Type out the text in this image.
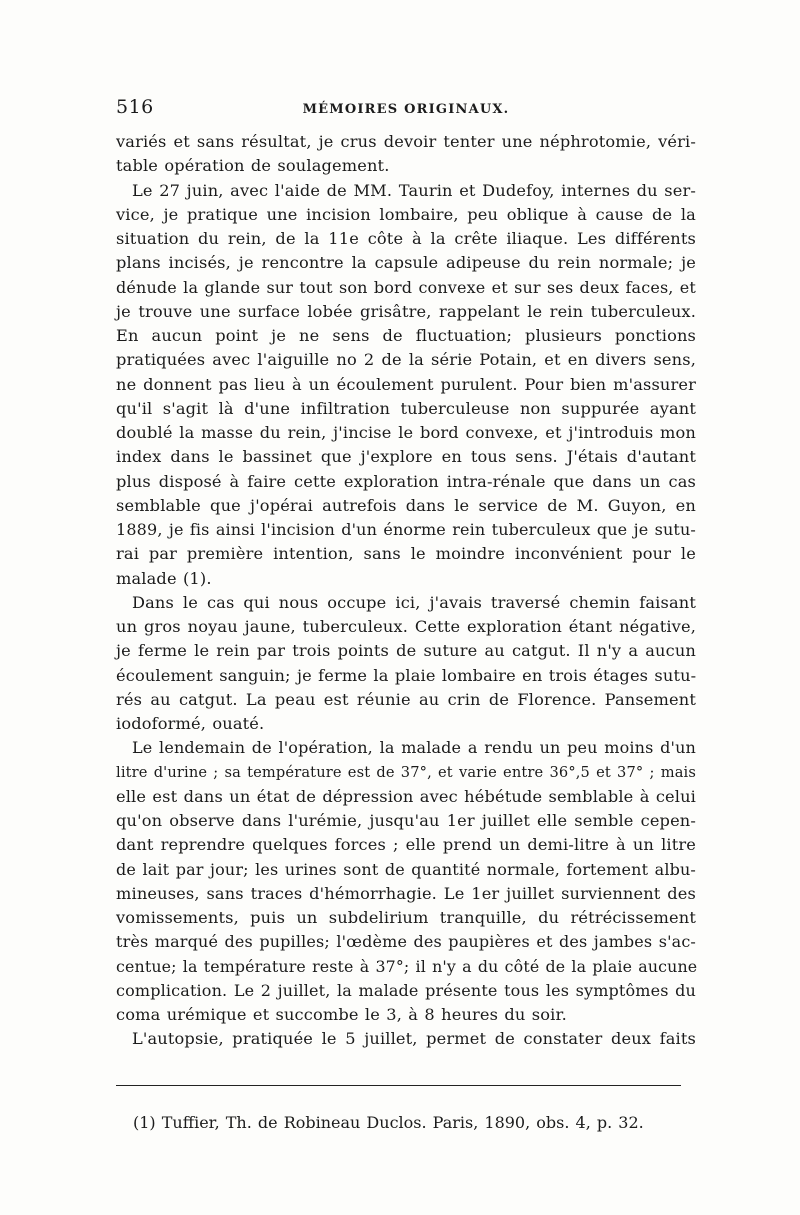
516	MÉMOIRES ORIGINAUX.
variés et sans résultat, je crus devoir tenter une néphrotomie, véri-
table opération de soulagement.
Le 27 juin, avec l'aide de MM. Taurin et Dudefoy, internes du ser-
vice, je pratique une incision lombaire, peu oblique à cause de la
situation du rein, de la 11e côte à la crête iliaque. Les différents
plans incisés, je rencontre la capsule adipeuse du rein normale; je
dénude la glande sur tout son bord convexe et sur ses deux faces, et
je trouve une surface lobée grisâtre, rappelant le rein tuberculeux.
En aucun point je ne sens de fluctuation; plusieurs ponctions
pratiquées avec l'aiguille no 2 de la série Potain, et en divers sens,
ne donnent pas lieu à un écoulement purulent. Pour bien m'assurer
qu'il s'agit là d'une infiltration tuberculeuse non suppurée ayant
doublé la masse du rein, j'incise le bord convexe, et j'introduis mon
index dans le bassinet que j'explore en tous sens. J'étais d'autant
plus disposé à faire cette exploration intra-rénale que dans un cas
semblable que j'opérai autrefois dans le service de M. Guyon, en
1889, je fis ainsi l'incision d'un énorme rein tuberculeux que je sutu-
rai par première intention, sans le moindre inconvénient pour le
malade (1).
Dans le cas qui nous occupe ici, j'avais traversé chemin faisant
un gros noyau jaune, tuberculeux. Cette exploration étant négative,
je ferme le rein par trois points de suture au catgut. Il n'y a aucun
écoulement sanguin; je ferme la plaie lombaire en trois étages sutu-
rés au catgut. La peau est réunie au crin de Florence. Pansement
iodoformé, ouaté.
Le lendemain de l'opération, la malade a rendu un peu moins d'un
litre d'urine ; sa température est de 37°, et varie entre 36°,5 et 37° ; mais
elle est dans un état de dépression avec hébétude semblable à celui
qu'on observe dans l'urémie, jusqu'au 1er juillet elle semble cepen-
dant reprendre quelques forces ; elle prend un demi-litre à un litre
de lait par jour; les urines sont de quantité normale, fortement albu-
mineuses, sans traces d'hémorrhagie. Le 1er juillet surviennent des
vomissements, puis un subdelirium tranquille, du rétrécissement
très marqué des pupilles; l'œdème des paupières et des jambes s'ac-
centue; la température reste à 37°; il n'y a du côté de la plaie aucune
complication. Le 2 juillet, la malade présente tous les symptômes du
coma urémique et succombe le 3, à 8 heures du soir.
L'autopsie, pratiquée le 5 juillet, permet de constater deux faits
(1) Tuffier, Th. de Robineau Duclos. Paris, 1890, obs. 4, p. 32.
